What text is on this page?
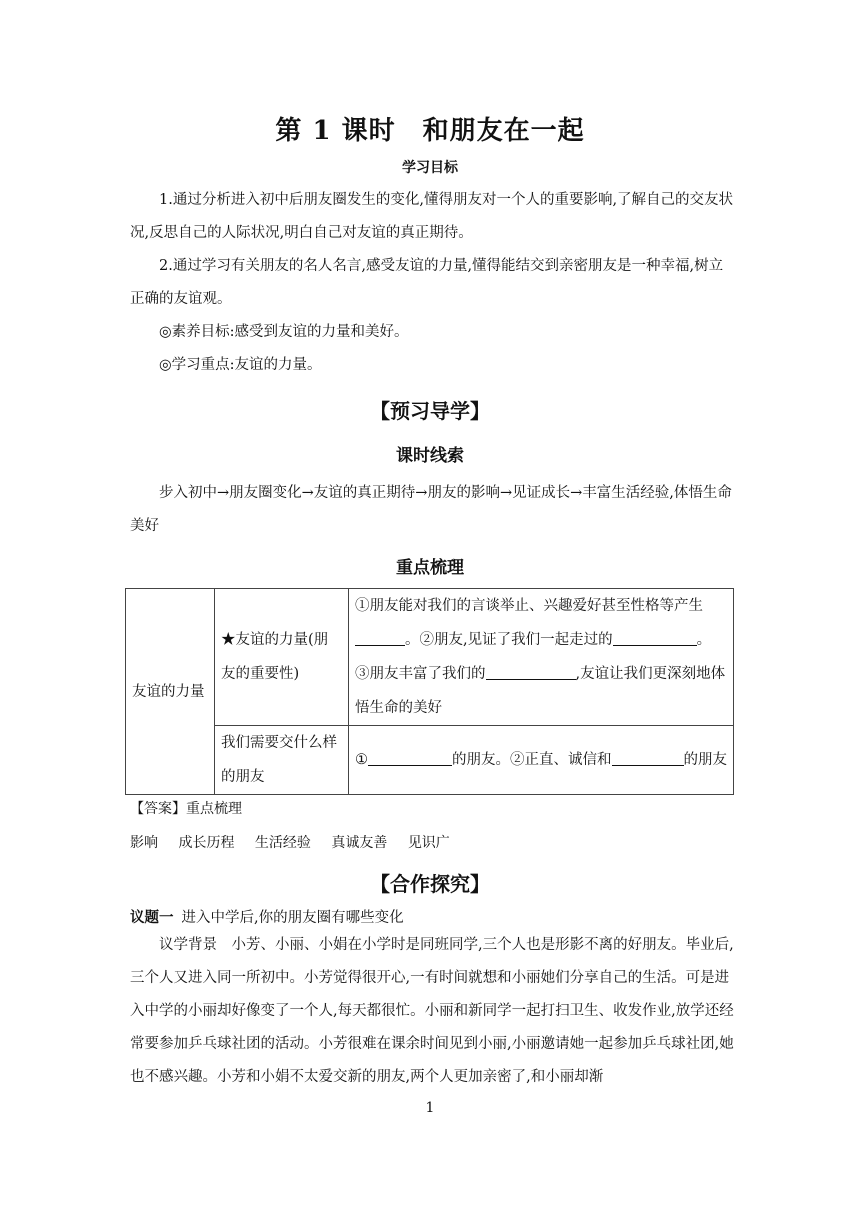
第 1 课时　和朋友在一起
学习目标
1.通过分析进入初中后朋友圈发生的变化,懂得朋友对一个人的重要影响,了解自己的交友状况,反思自己的人际状况,明白自己对友谊的真正期待。
2.通过学习有关朋友的名人名言,感受友谊的力量,懂得能结交到亲密朋友是一种幸福,树立正确的友谊观。
◎素养目标:感受到友谊的力量和美好。
◎学习重点:友谊的力量。
【预习导学】
课时线索
步入初中→朋友圈变化→友谊的真正期待→朋友的影响→见证成长→丰富生活经验,体悟生命美好
重点梳理
友谊的力量	★友谊的力量(朋友的重要性)	①朋友能对我们的言谈举止、兴趣爱好甚至性格等产生。②朋友,见证了我们一起走过的 。
③朋友丰富了我们的 ,友谊让我们更深刻地体悟生命的美好
	我们需要交什么样的朋友	① 的朋友。②正直、诚信和 的朋友
【答案】重点梳理
影响 成长历程 生活经验 真诚友善 见识广
【合作探究】
议题一 进入中学后,你的朋友圈有哪些变化
议学背景　小芳、小丽、小娟在小学时是同班同学,三个人也是形影不离的好朋友。毕业后,三个人又进入同一所初中。小芳觉得很开心,一有时间就想和小丽她们分享自己的生活。可是进入中学的小丽却好像变了一个人,每天都很忙。小丽和新同学一起打扫卫生、收发作业,放学还经常要参加乒乓球社团的活动。小芳很难在课余时间见到小丽,小丽邀请她一起参加乒乓球社团,她也不感兴趣。小芳和小娟不太爱交新的朋友,两个人更加亲密了,和小丽却渐
1
